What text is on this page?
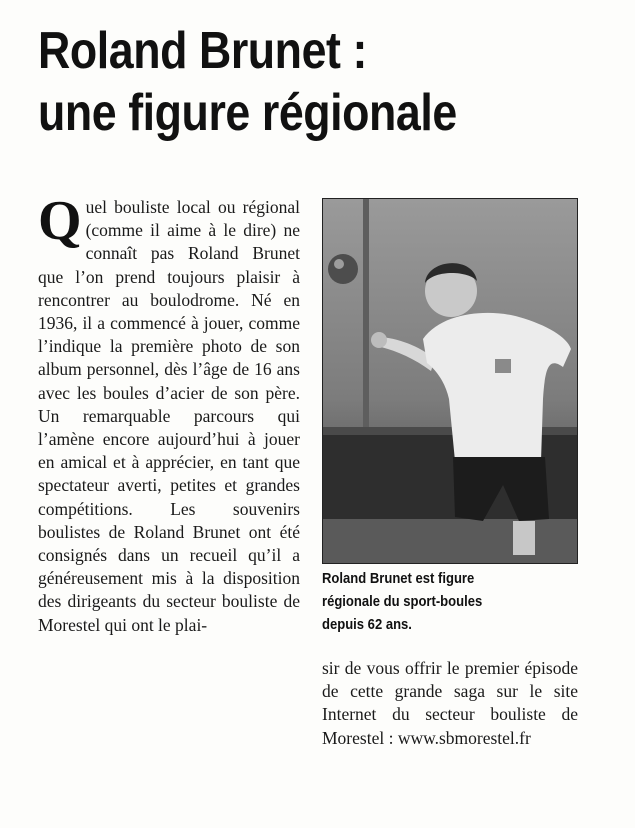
Roland Brunet :
une figure régionale

Quel bouliste local ou régional (comme il aime à le dire) ne connaît pas Roland Brunet que l’on prend toujours plaisir à rencontrer au boulodrome. Né en 1936, il a commencé à jouer, comme l’indique la première photo de son album personnel, dès l’âge de 16 ans avec les boules d’acier de son père. Un remarquable parcours qui l’amène encore aujourd’hui à jouer en amical et à apprécier, en tant que spectateur averti, petites et grandes compétitions. Les souvenirs boulistes de Roland Brunet ont été consignés dans un recueil qu’il a généreusement mis à la disposition des dirigeants du secteur bouliste de Morestel qui ont le plai-

Roland Brunet est figure
régionale du sport-boules
depuis 62 ans.

sir de vous offrir le premier épisode de cette grande saga sur le site Internet du secteur bouliste de Morestel : www.sbmorestel.fr
